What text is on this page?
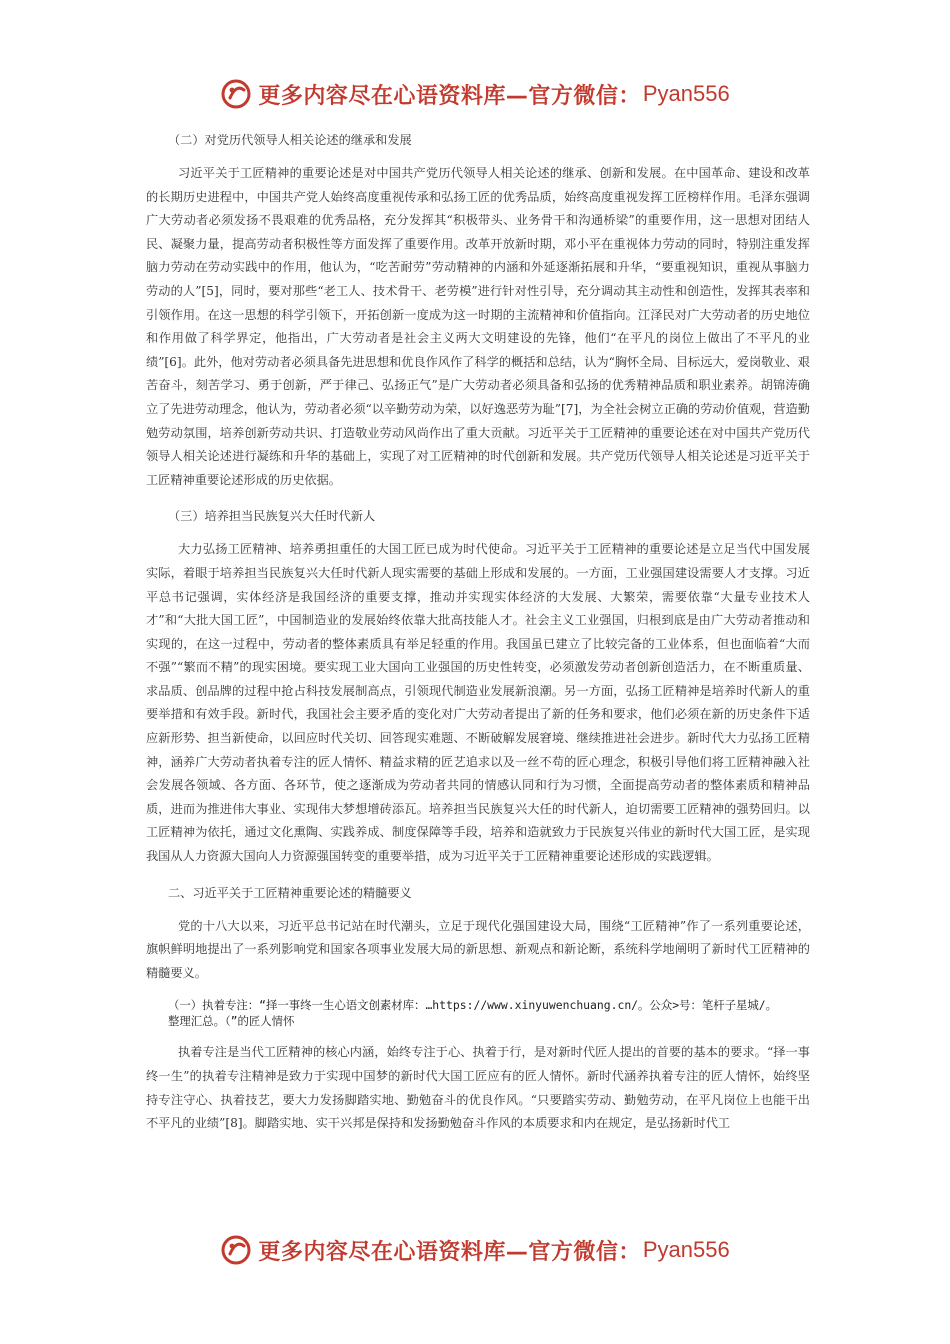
更多内容尽在心语资料库—官方微信： Pyan556

（二）对党历代领导人相关论述的继承和发展

习近平关于工匠精神的重要论述是对中国共产党历代领导人相关论述的继承、创新和发展。在中国革命、建设和改革的长期历史进程中，中国共产党人始终高度重视传承和弘扬工匠的优秀品质，始终高度重视发挥工匠榜样作用。毛泽东强调广大劳动者必须发扬不畏艰难的优秀品格，充分发挥其“积极带头、业务骨干和沟通桥梁”的重要作用，这一思想对团结人民、凝聚力量，提高劳动者积极性等方面发挥了重要作用。改革开放新时期，邓小平在重视体力劳动的同时，特别注重发挥脑力劳动在劳动实践中的作用，他认为，“吃苦耐劳”劳动精神的内涵和外延逐渐拓展和升华，“要重视知识，重视从事脑力劳动的人”[5]，同时，要对那些“老工人、技术骨干、老劳模”进行针对性引导，充分调动其主动性和创造性，发挥其表率和引领作用。在这一思想的科学引领下，开拓创新一度成为这一时期的主流精神和价值指向。江泽民对广大劳动者的历史地位和作用做了科学界定，他指出，广大劳动者是社会主义两大文明建设的先锋，他们“在平凡的岗位上做出了不平凡的业绩”[6]。此外，他对劳动者必须具备先进思想和优良作风作了科学的概括和总结，认为“胸怀全局、目标远大，爱岗敬业、艰苦奋斗，刻苦学习、勇于创新，严于律己、弘扬正气”是广大劳动者必须具备和弘扬的优秀精神品质和职业素养。胡锦涛确立了先进劳动理念，他认为，劳动者必须“以辛勤劳动为荣，以好逸恶劳为耻”[7]，为全社会树立正确的劳动价值观，营造勤勉劳动氛围，培养创新劳动共识、打造敬业劳动风尚作出了重大贡献。习近平关于工匠精神的重要论述在对中国共产党历代领导人相关论述进行凝练和升华的基础上，实现了对工匠精神的时代创新和发展。共产党历代领导人相关论述是习近平关于工匠精神重要论述形成的历史依据。

（三）培养担当民族复兴大任时代新人

大力弘扬工匠精神、培养勇担重任的大国工匠已成为时代使命。习近平关于工匠精神的重要论述是立足当代中国发展实际，着眼于培养担当民族复兴大任时代新人现实需要的基础上形成和发展的。一方面，工业强国建设需要人才支撑。习近平总书记强调，实体经济是我国经济的重要支撑，推动并实现实体经济的大发展、大繁荣，需要依靠“大量专业技术人才”和“大批大国工匠”，中国制造业的发展始终依靠大批高技能人才。社会主义工业强国，归根到底是由广大劳动者推动和实现的，在这一过程中，劳动者的整体素质具有举足轻重的作用。我国虽已建立了比较完备的工业体系，但也面临着“大而不强”“繁而不精”的现实困境。要实现工业大国向工业强国的历史性转变，必须激发劳动者创新创造活力，在不断重质量、求品质、创品牌的过程中抢占科技发展制高点，引领现代制造业发展新浪潮。另一方面，弘扬工匠精神是培养时代新人的重要举措和有效手段。新时代，我国社会主要矛盾的变化对广大劳动者提出了新的任务和要求，他们必须在新的历史条件下适应新形势、担当新使命，以回应时代关切、回答现实难题、不断破解发展窘境、继续推进社会进步。新时代大力弘扬工匠精神，涵养广大劳动者执着专注的匠人情怀、精益求精的匠艺追求以及一丝不苟的匠心理念，积极引导他们将工匠精神融入社会发展各领域、各方面、各环节，使之逐渐成为劳动者共同的情感认同和行为习惯，全面提高劳动者的整体素质和精神品质，进而为推进伟大事业、实现伟大梦想增砖添瓦。培养担当民族复兴大任的时代新人，迫切需要工匠精神的强势回归。以工匠精神为依托，通过文化熏陶、实践养成、制度保障等手段，培养和造就致力于民族复兴伟业的新时代大国工匠，是实现我国从人力资源大国向人力资源强国转变的重要举措，成为习近平关于工匠精神重要论述形成的实践逻辑。

二、习近平关于工匠精神重要论述的精髓要义

党的十八大以来，习近平总书记站在时代潮头，立足于现代化强国建设大局，围绕“工匠精神”作了一系列重要论述，旗帜鲜明地提出了一系列影响党和国家各项事业发展大局的新思想、新观点和新论断，系统科学地阐明了新时代工匠精神的精髓要义。

（一）执着专注：“择一事终一生心语文创素材库：…https://www.xinyuwenchuang.cn/。公众>号：笔杆子星城/。

整理汇总。（”的匠人情怀

执着专注是当代工匠精神的核心内涵，始终专注于心、执着于行，是对新时代匠人提出的首要的基本的要求。“择一事终一生”的执着专注精神是致力于实现中国梦的新时代大国工匠应有的匠人情怀。新时代涵养执着专注的匠人情怀，始终坚持专注守心、执着技艺，要大力发扬脚踏实地、勤勉奋斗的优良作风。“只要踏实劳动、勤勉劳动，在平凡岗位上也能干出不平凡的业绩”[8]。脚踏实地、实干兴邦是保持和发扬勤勉奋斗作风的本质要求和内在规定，是弘扬新时代工

更多内容尽在心语资料库—官方微信： Pyan556
